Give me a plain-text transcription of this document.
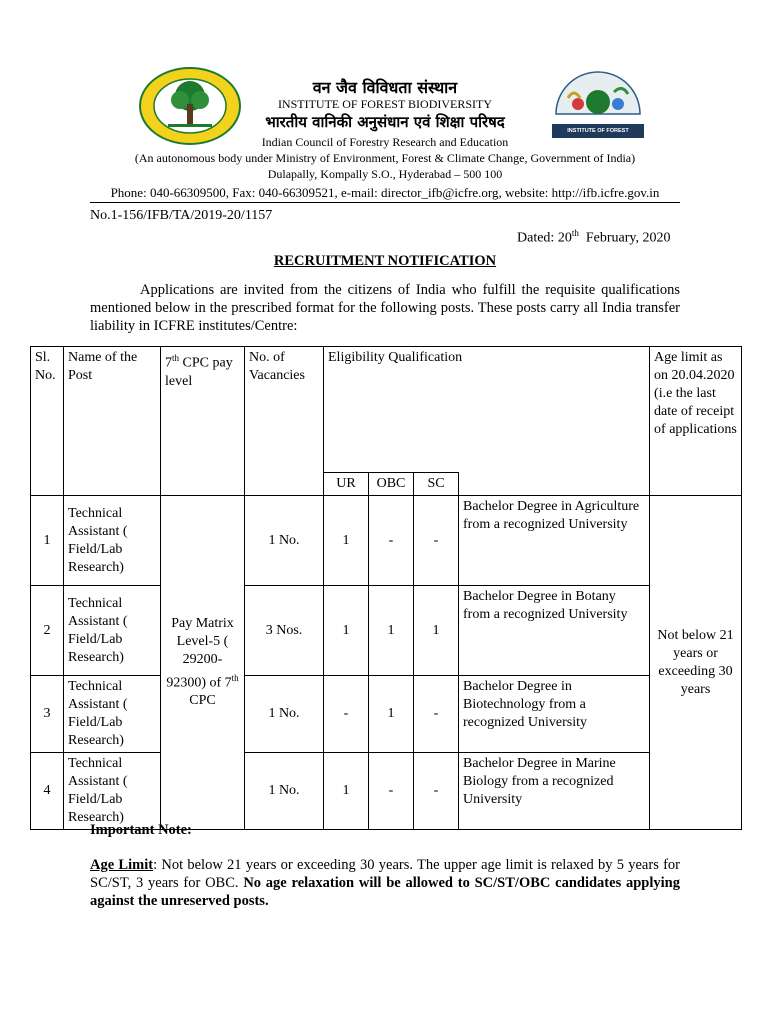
INSTITUTE OF FOREST BIODIVERSITY
वन जैव विविधता संस्थान
INSTITUTE OF FOREST BIODIVERSITY
भारतीय वानिकी अनुसंधान एवं शिक्षा परिषद
Indian Council of Forestry Research and Education
(An autonomous body under Ministry of Environment, Forest & Climate Change, Government of India)
Dulapally, Kompally S.O., Hyderabad – 500 100
Phone: 040-66309500, Fax: 040-66309521, e-mail: director_ifb@icfre.org, website: http://ifb.icfre.gov.in
No.1-156/IFB/TA/2019-20/1157

Dated: 20th  February, 2020

RECRUITMENT NOTIFICATION
Applications are invited from the citizens of India who fulfill the requisite qualifications mentioned below in the prescribed format for the following posts. These posts carry all India transfer liability in ICFRE institutes/Centre:
Sl. No.	Name of the Post	7th CPC pay level	No. of Vacancies	Eligibility Qualification				Age limit as on 20.04.2020 (i.e the last date of receipt of applications
				UR	OBC	SC		
1	Technical Assistant ( Field/Lab Research)	Pay Matrix Level-5 ( 29200-92300) of 7th CPC	1 No.	1	-	-	Bachelor Degree in Agriculture from a recognized University	Not below 21 years or exceeding 30 years
2	Technical Assistant ( Field/Lab Research)		3 Nos.	1	1	1	Bachelor Degree in Botany from a recognized University	
3	Technical Assistant ( Field/Lab Research)		1 No.	-	1	-	Bachelor Degree in Biotechnology from a recognized University	
4	Technical Assistant ( Field/Lab Research)		1 No.	1	-	-	Bachelor Degree in Marine Biology from a recognized University	
Important Note:
Age Limit: Not below 21 years or exceeding 30 years. The upper age limit is relaxed by 5 years for SC/ST, 3 years for OBC. No age relaxation will be allowed to SC/ST/OBC candidates applying against the unreserved posts.
